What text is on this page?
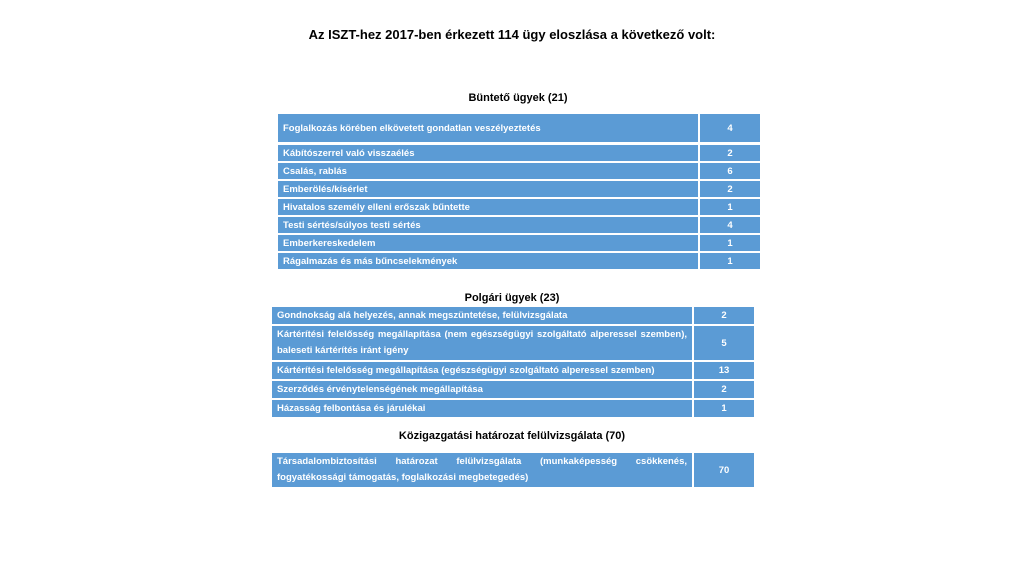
Az ISZT-hez 2017-ben érkezett 114 ügy eloszlása a következő volt:
Büntető ügyek (21)
Foglalkozás körében elkövetett gondatlan veszélyeztetés	4
Kábítószerrel való visszaélés	2
Csalás, rablás	6
Emberölés/kísérlet	2
Hivatalos személy elleni erőszak bűntette	1
Testi sértés/súlyos testi sértés	4
Emberkereskedelem	1
Rágalmazás és más bűncselekmények	1
Polgári ügyek (23)
Gondnokság alá helyezés, annak megszüntetése, felülvizsgálata	2
Kártérítési felelősség megállapítása (nem egészségügyi szolgáltató alperessel szemben), baleseti kártérítés iránt igény	5
Kártérítési felelősség megállapítása (egészségügyi szolgáltató alperessel szemben)	13
Szerződés érvénytelenségének megállapítása	2
Házasság felbontása és járulékai	1
Közigazgatási határozat felülvizsgálata (70)
Társadalombiztosítási határozat felülvizsgálata (munkaképesség csökkenés, fogyatékossági támogatás, foglalkozási megbetegedés)	70
